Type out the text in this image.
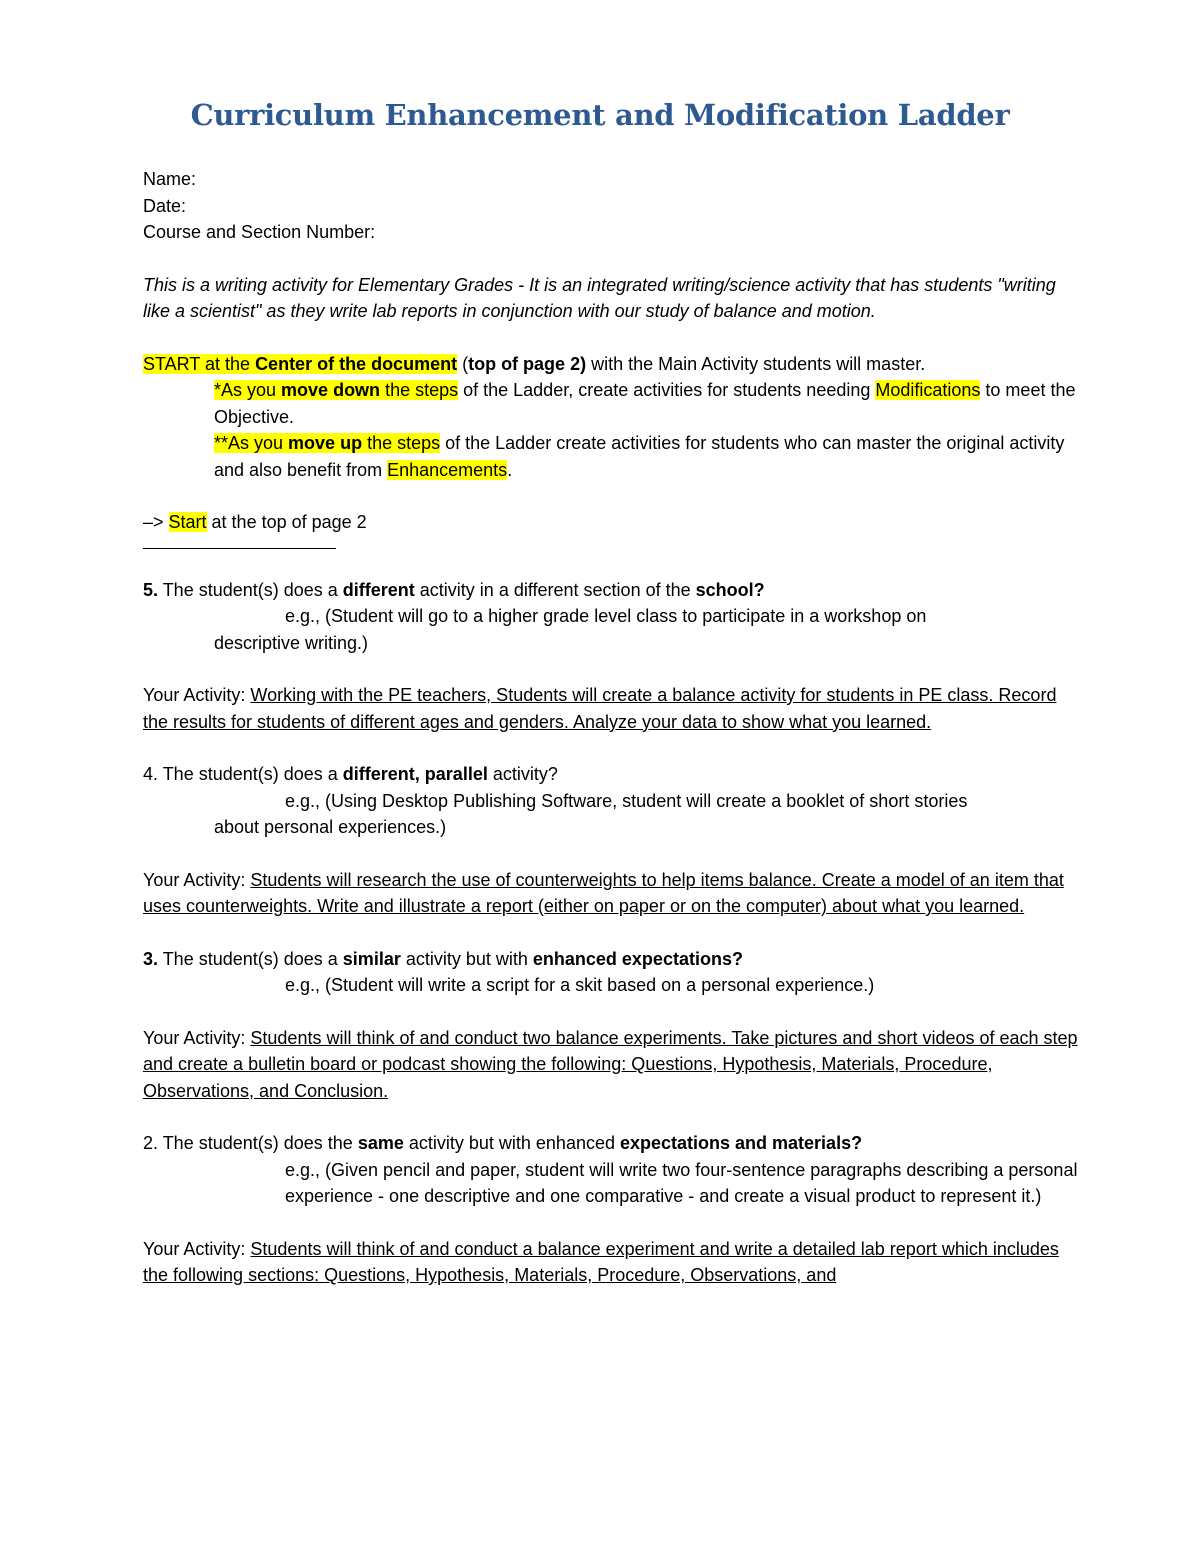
Curriculum Enhancement and Modification Ladder

Name:

Date:

Course and Section Number:

This is a writing activity for Elementary Grades - It is an integrated writing/science activity that has students "writing like a scientist" as they write lab reports in conjunction with our study of balance and motion.

START at the Center of the document (top of page 2) with the Main Activity students will master.

*As you move down the steps of the Ladder, create activities for students needing Modifications to meet the Objective.

**As you move up the steps of the Ladder create activities for students who can master the original activity and also benefit from Enhancements.

–> Start at the top of page 2

5. The student(s) does a different activity in a different section of the school?

e.g., (Student will go to a higher grade level class to participate in a workshop on

descriptive writing.)

Your Activity: Working with the PE teachers, Students will create a balance activity for students in PE class. Record the results for students of different ages and genders. Analyze your data to show what you learned.

4. The student(s) does a different, parallel activity?

e.g., (Using Desktop Publishing Software, student will create a booklet of short stories

about personal experiences.)

Your Activity: Students will research the use of counterweights to help items balance. Create a model of an item that uses counterweights. Write and illustrate a report (either on paper or on the computer) about what you learned.

3. The student(s) does a similar activity but with enhanced expectations?

e.g., (Student will write a script for a skit based on a personal experience.)

Your Activity: Students will think of and conduct two balance experiments. Take pictures and short videos of each step and create a bulletin board or podcast showing the following: Questions, Hypothesis, Materials, Procedure, Observations, and Conclusion.

2. The student(s) does the same activity but with enhanced expectations and materials?

e.g., (Given pencil and paper, student will write two four-sentence paragraphs describing a personal experience - one descriptive and one comparative - and create a visual product to represent it.)

Your Activity: Students will think of and conduct a balance experiment and write a detailed lab report which includes the following sections: Questions, Hypothesis, Materials, Procedure, Observations, and
